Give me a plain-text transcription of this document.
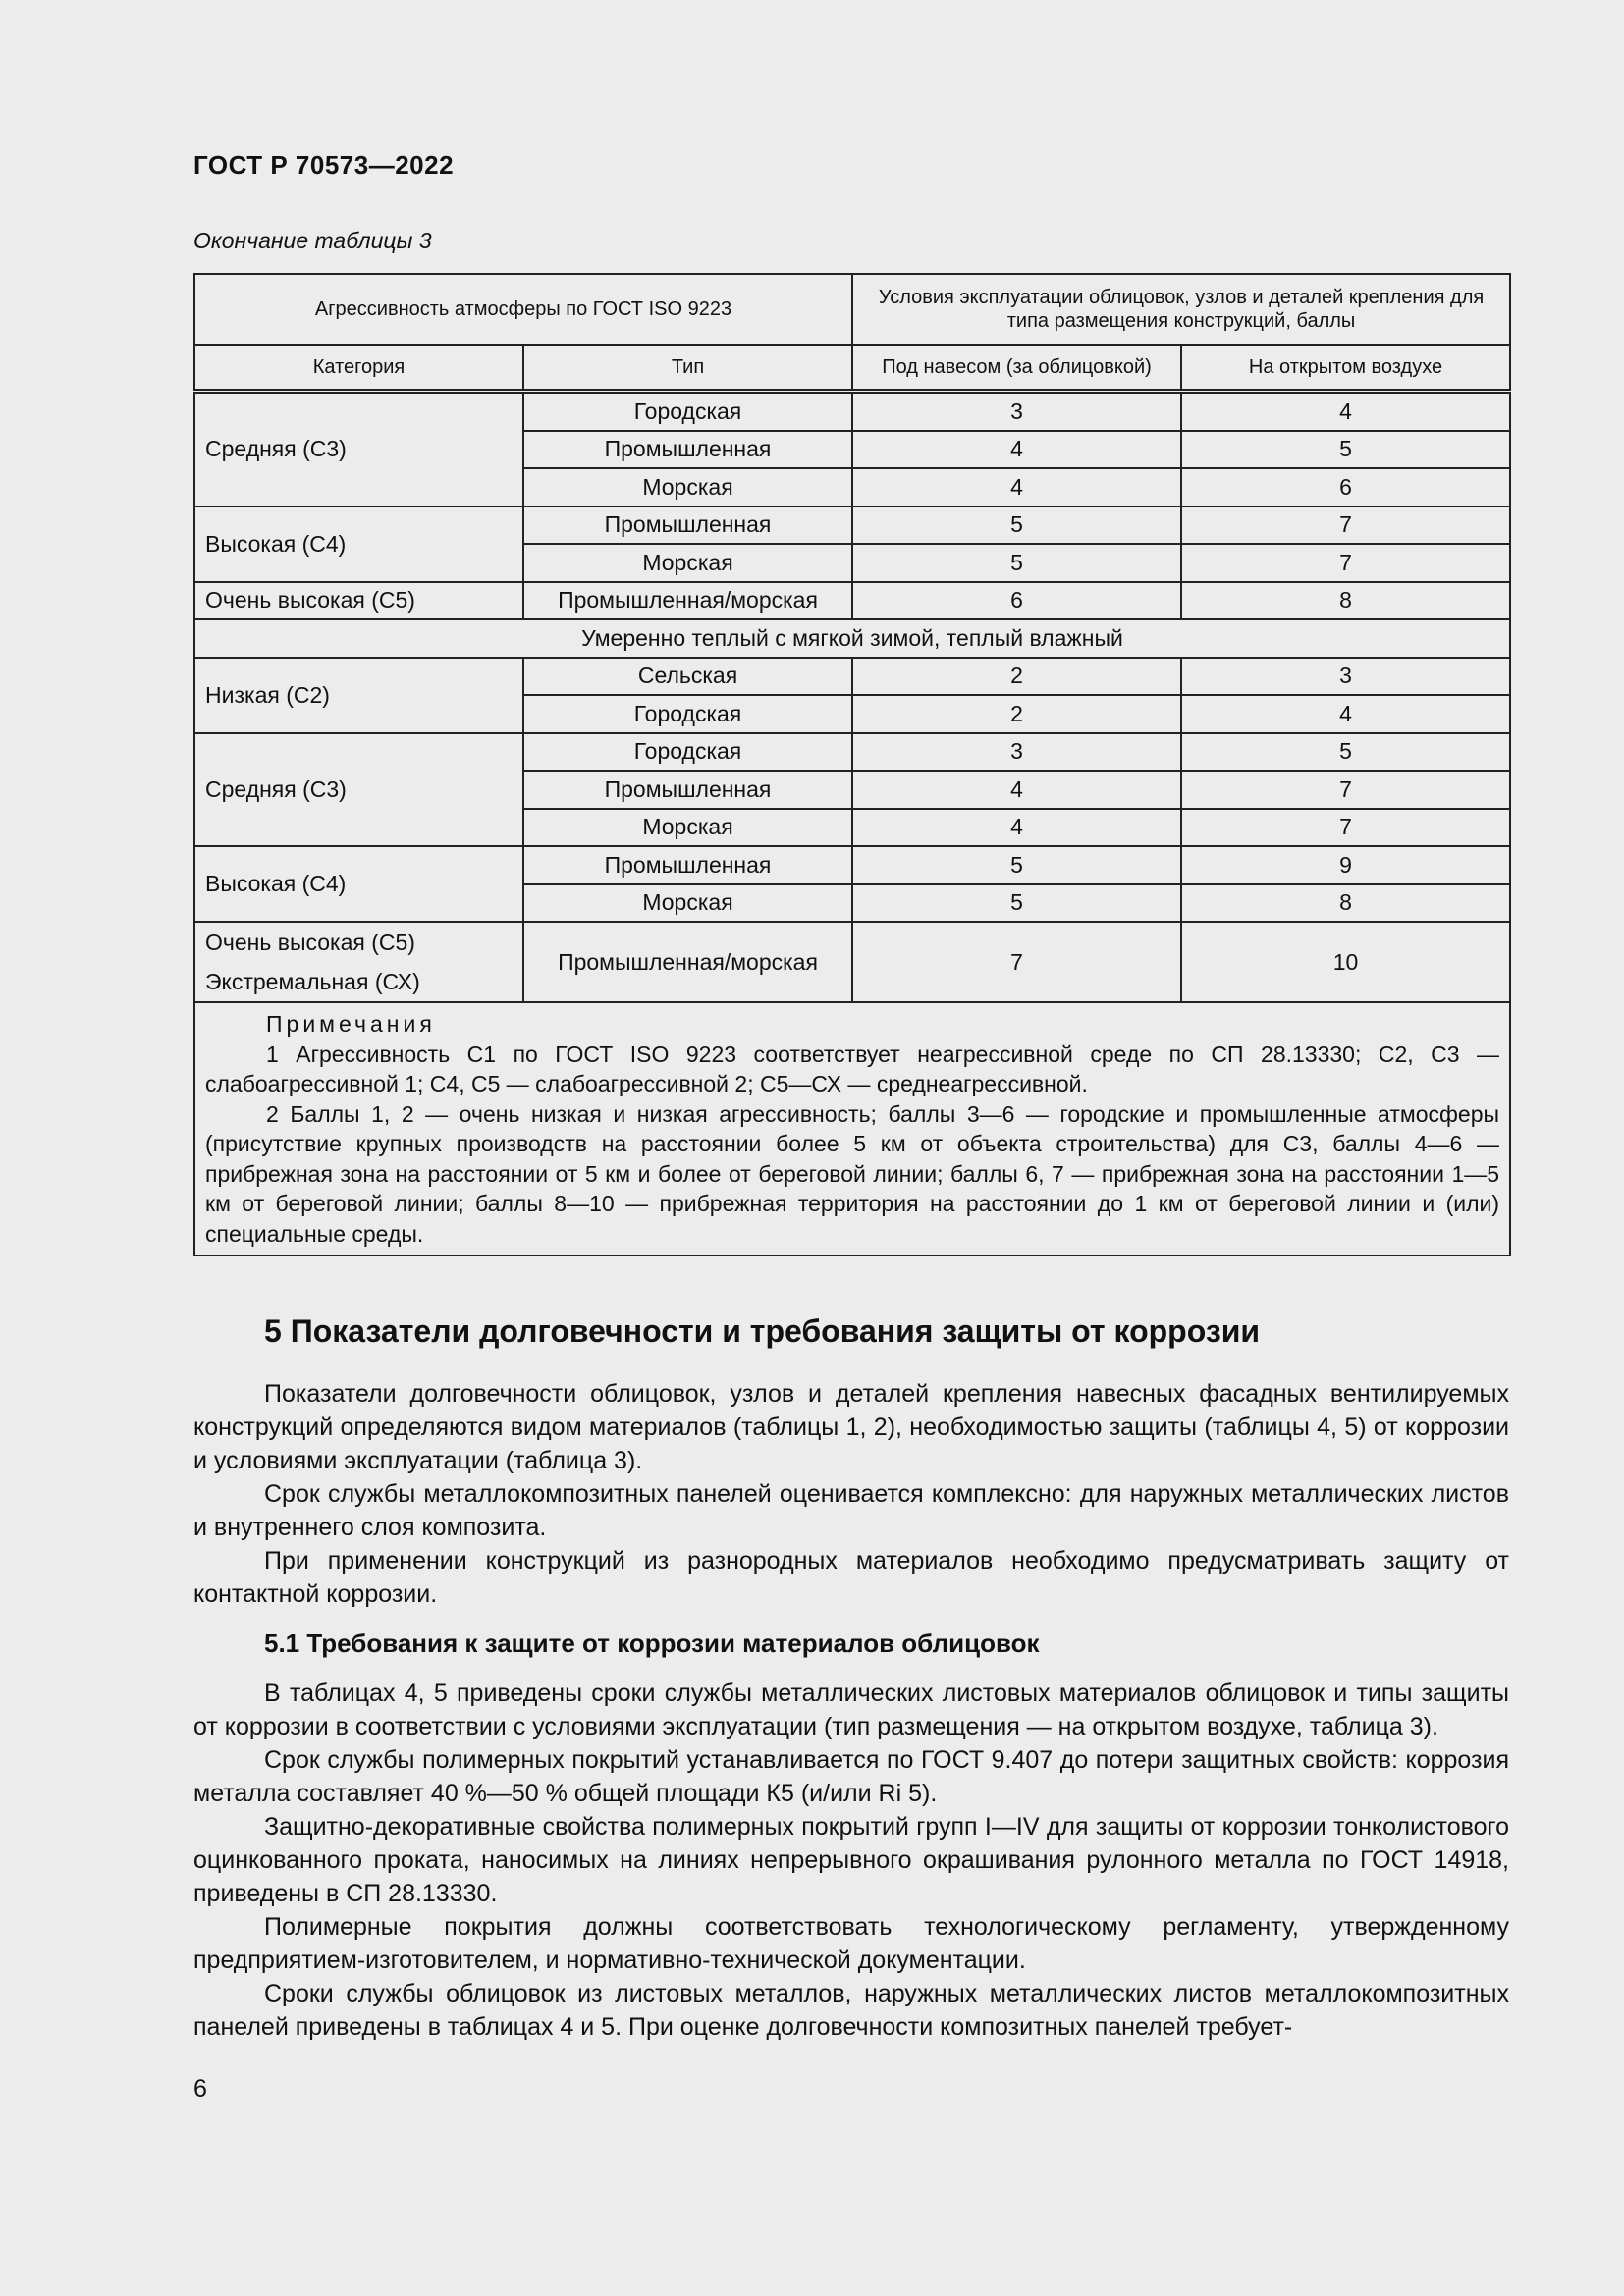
ГОСТ Р 70573—2022
Окончание таблицы 3
Агрессивность атмосферы по ГОСТ ISO 9223		Условия эксплуатации облицовок, узлов и деталей крепления для типа размещения конструкций, баллы	
Категория	Тип	Под навесом (за облицовкой)	На открытом воздухе
Средняя (С3)	Городская	3	4
	Промышленная	4	5
	Морская	4	6
Высокая (С4)	Промышленная	5	7
	Морская	5	7
Очень высокая (С5)	Промышленная/морская	6	8
Умеренно теплый с мягкой зимой, теплый влажный			
Низкая (С2)	Сельская	2	3
	Городская	2	4
Средняя (С3)	Городская	3	5
	Промышленная	4	7
	Морская	4	7
Высокая (С4)	Промышленная	5	9
	Морская	5	8

Очень высокая (С5)
Экстремальная (СХ)	Промышленная/морская	7	10

Примечания

1 Агрессивность С1 по ГОСТ ISO 9223 соответствует неагрессивной среде по СП 28.13330; С2, С3 — слабоагрессивной 1; С4, С5 — слабоагрессивной 2; С5—СХ — среднеагрессивной.

2 Баллы 1, 2 — очень низкая и низкая агрессивность; баллы 3—6 — городские и промышленные атмосферы (присутствие крупных производств на расстоянии более 5 км от объекта строительства) для С3, баллы 4—6 — прибрежная зона на расстоянии от 5 км и более от береговой линии; баллы 6, 7 — прибрежная зона на расстоянии 1—5 км от береговой линии; баллы 8—10 — прибрежная территория на расстоянии до 1 км от береговой линии и (или) специальные среды.			

5 Показатели долговечности и требования защиты от коррозии

Показатели долговечности облицовок, узлов и деталей крепления навесных фасадных вентилируемых конструкций определяются видом материалов (таблицы 1, 2), необходимостью защиты (таблицы 4, 5) от коррозии и условиями эксплуатации (таблица 3).

Срок службы металлокомпозитных панелей оценивается комплексно: для наружных металлических листов и внутреннего слоя композита.

При применении конструкций из разнородных материалов необходимо предусматривать защиту от контактной коррозии.

5.1 Требования к защите от коррозии материалов облицовок

В таблицах 4, 5 приведены сроки службы металлических листовых материалов облицовок и типы защиты от коррозии в соответствии с условиями эксплуатации (тип размещения — на открытом воздухе, таблица 3).

Срок службы полимерных покрытий устанавливается по ГОСТ 9.407 до потери защитных свойств: коррозия металла составляет 40 %—50 % общей площади К5 (и/или Ri 5).

Защитно-декоративные свойства полимерных покрытий групп I—IV для защиты от коррозии тонколистового оцинкованного проката, наносимых на линиях непрерывного окрашивания рулонного металла по ГОСТ 14918, приведены в СП 28.13330.

Полимерные покрытия должны соответствовать технологическому регламенту, утвержденному предприятием-изготовителем, и нормативно-технической документации.

Сроки службы облицовок из листовых металлов, наружных металлических листов металлокомпозитных панелей приведены в таблицах 4 и 5. При оценке долговечности композитных панелей требует-

6
